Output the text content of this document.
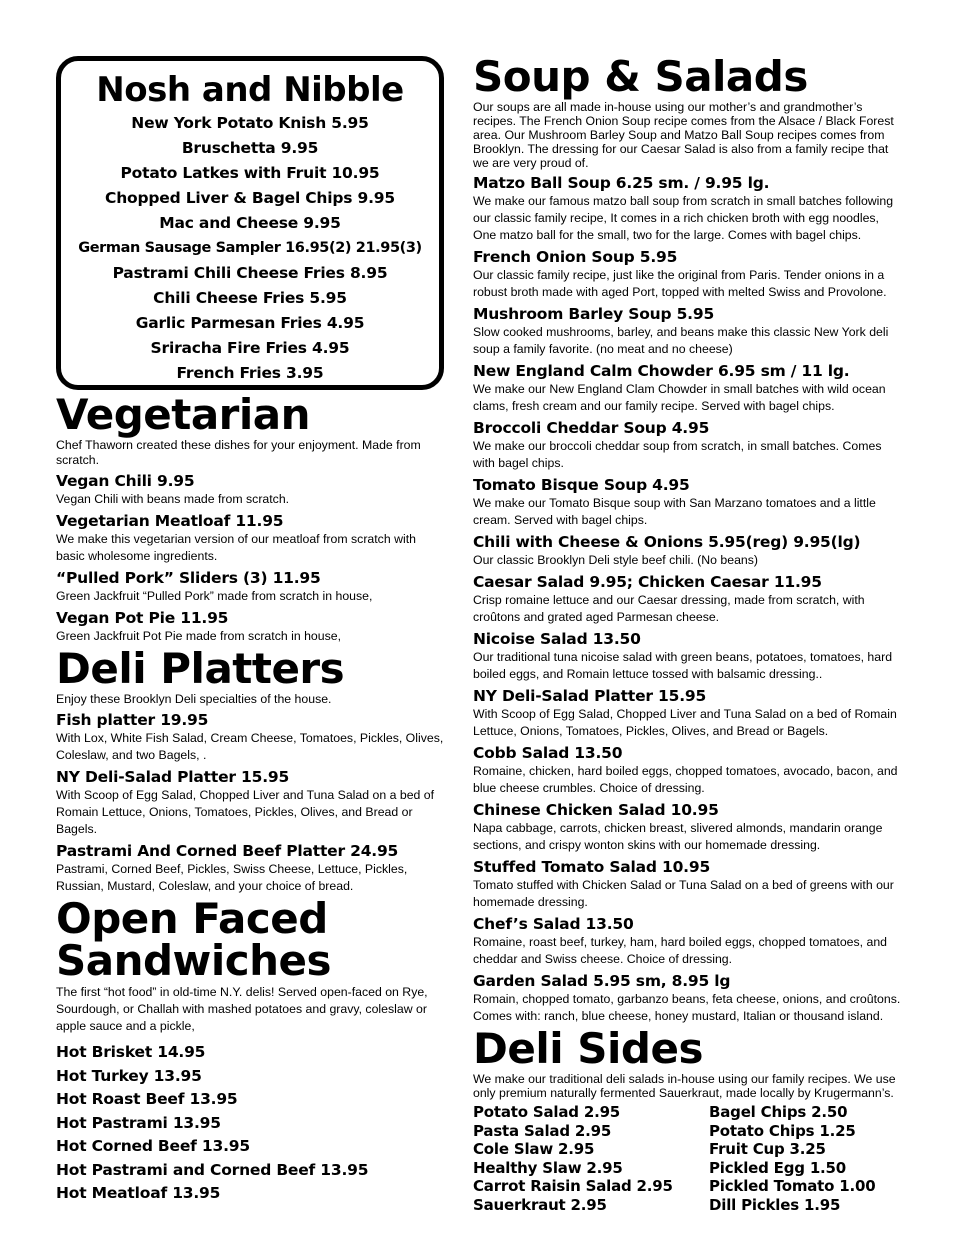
Nosh and Nibble
New York Potato Knish 5.95
Bruschetta 9.95
Potato Latkes with Fruit 10.95
Chopped Liver & Bagel Chips 9.95
Mac and Cheese 9.95
German Sausage Sampler 16.95(2) 21.95(3)
Pastrami Chili Cheese Fries 8.95
Chili Cheese Fries 5.95
Garlic Parmesan Fries 4.95
Sriracha Fire Fries 4.95
French Fries 3.95
Vegetarian
Chef Thaworn created these dishes for your enjoyment. Made from scratch.
Vegan Chili 9.95
Vegan Chili with beans made from scratch.
Vegetarian Meatloaf 11.95
We make this vegetarian version of our meatloaf from scratch with basic wholesome ingredients.
“Pulled Pork” Sliders (3) 11.95
Green Jackfruit “Pulled Pork” made from scratch in house,
Vegan Pot Pie 11.95
Green Jackfruit Pot Pie made from scratch in house,
Deli Platters
Enjoy these Brooklyn Deli specialties of the house.
Fish platter 19.95
With Lox, White Fish Salad, Cream Cheese, Tomatoes, Pickles, Olives, Coleslaw, and two Bagels, .
NY Deli-Salad Platter 15.95
With Scoop of Egg Salad, Chopped Liver and Tuna Salad on a bed of Romain Lettuce, Onions, Tomatoes, Pickles, Olives, and Bread or Bagels.
Pastrami And Corned Beef Platter 24.95
Pastrami, Corned Beef, Pickles, Swiss Cheese, Lettuce, Pickles, Russian, Mustard, Coleslaw, and your choice of bread.
Open Faced
Sandwiches
The first “hot food” in old-time N.Y. delis! Served open-faced on Rye, Sourdough, or Challah with mashed potatoes and gravy, coleslaw or apple sauce and a pickle,
Hot Brisket 14.95
Hot Turkey 13.95
Hot Roast Beef 13.95
Hot Pastrami 13.95
Hot Corned Beef 13.95
Hot Pastrami and Corned Beef 13.95
Hot Meatloaf 13.95
Soup & Salads
Our soups are all made in-house using our mother’s and grandmother’s recipes. The French Onion Soup recipe comes from the Alsace / Black Forest area. Our Mushroom Barley Soup and Matzo Ball Soup recipes comes from Brooklyn. The dressing for our Caesar Salad is also from a family recipe that we are very proud of.
Matzo Ball Soup 6.25 sm. / 9.95 lg.
We make our famous matzo ball soup from scratch in small batches following our classic family recipe, It comes in a rich chicken broth with egg noodles, One matzo ball for the small, two for the large. Comes with bagel chips.
French Onion Soup 5.95
Our classic family recipe, just like the original from Paris. Tender onions in a robust broth made with aged Port, topped with melted Swiss and Provolone.
Mushroom Barley Soup 5.95
Slow cooked mushrooms, barley, and beans make this classic New York deli soup a family favorite. (no meat and no cheese)
New England Calm Chowder 6.95 sm / 11 lg.
We make our New England Clam Chowder in small batches with wild ocean clams, fresh cream and our family recipe. Served with bagel chips.
Broccoli Cheddar Soup 4.95
We make our broccoli cheddar soup from scratch, in small batches. Comes with bagel chips.
Tomato Bisque Soup 4.95
We make our Tomato Bisque soup with San Marzano tomatoes and a little cream. Served with bagel chips.
Chili with Cheese & Onions 5.95(reg) 9.95(lg)
Our classic Brooklyn Deli style beef chili. (No beans)
Caesar Salad 9.95; Chicken Caesar 11.95
Crisp romaine lettuce and our Caesar dressing, made from scratch, with croûtons and grated aged Parmesan cheese.
Nicoise Salad 13.50
Our traditional tuna nicoise salad with green beans, potatoes, tomatoes, hard boiled eggs, and Romain lettuce tossed with balsamic dressing..
NY Deli-Salad Platter 15.95
With Scoop of Egg Salad, Chopped Liver and Tuna Salad on a bed of Romain Lettuce, Onions, Tomatoes, Pickles, Olives, and Bread or Bagels.
Cobb Salad 13.50
Romaine, chicken, hard boiled eggs, chopped tomatoes, avocado, bacon, and blue cheese crumbles. Choice of dressing.
Chinese Chicken Salad 10.95
Napa cabbage, carrots, chicken breast, slivered almonds, mandarin orange sections, and crispy wonton skins with our homemade dressing.
Stuffed Tomato Salad 10.95
Tomato stuffed with Chicken Salad or Tuna Salad on a bed of greens with our homemade dressing.
Chef’s Salad 13.50
Romaine, roast beef, turkey, ham, hard boiled eggs, chopped tomatoes, and cheddar and Swiss cheese. Choice of dressing.
Garden Salad 5.95 sm, 8.95 lg
Romain, chopped tomato, garbanzo beans, feta cheese, onions, and croûtons. Comes with: ranch, blue cheese, honey mustard, Italian or thousand island.
Deli Sides
We make our traditional deli salads in-house using our family recipes. We use only premium naturally fermented Sauerkraut, made locally by Krugermann’s.
Potato Salad 2.95
Pasta Salad 2.95
Cole Slaw 2.95
Healthy Slaw 2.95
Carrot Raisin Salad 2.95
Sauerkraut 2.95
Bagel Chips 2.50
Potato Chips 1.25
Fruit Cup 3.25
Pickled Egg 1.50
Pickled Tomato 1.00
Dill Pickles 1.95
